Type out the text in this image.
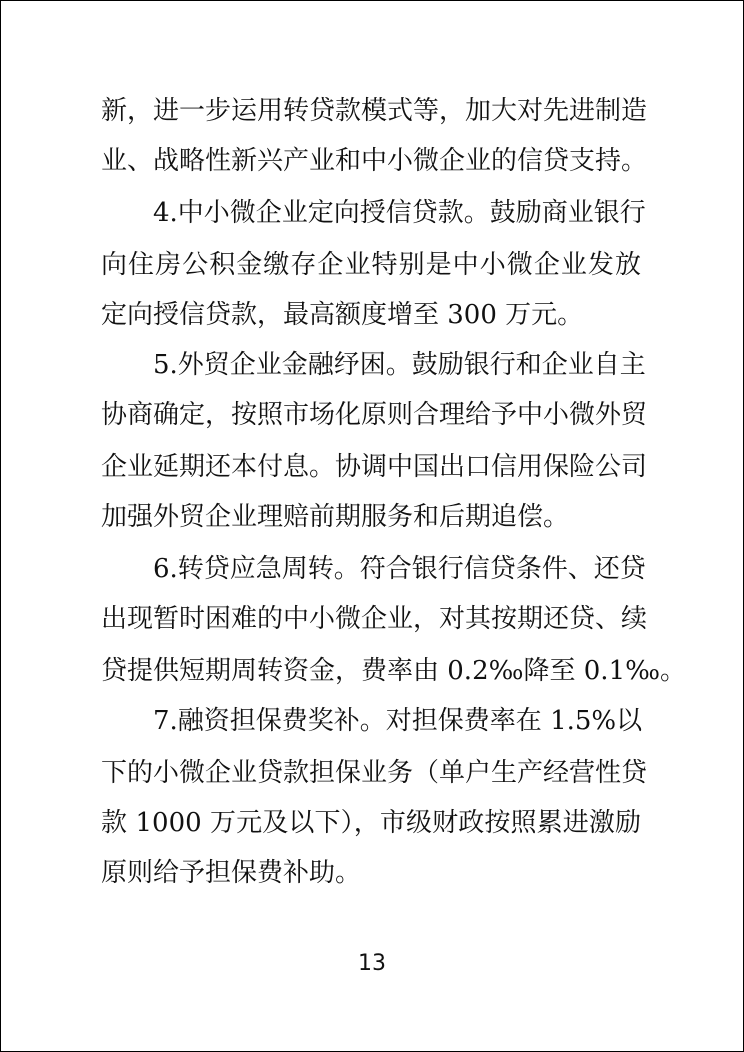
新，进一步运用转贷款模式等，加大对先进制造
业、战略性新兴产业和中小微企业的信贷支持。
4.中小微企业定向授信贷款。鼓励商业银行
向住房公积金缴存企业特别是中小微企业发放
定向授信贷款，最高额度增至 300 万元。
5.外贸企业金融纾困。鼓励银行和企业自主
协商确定，按照市场化原则合理给予中小微外贸
企业延期还本付息。协调中国出口信用保险公司
加强外贸企业理赔前期服务和后期追偿。
6.转贷应急周转。符合银行信贷条件、还贷
出现暂时困难的中小微企业，对其按期还贷、续
贷提供短期周转资金，费率由 0.2‰降至 0.1‰。
7.融资担保费奖补。对担保费率在 1.5%以
下的小微企业贷款担保业务（单户生产经营性贷
款 1000 万元及以下），市级财政按照累进激励
原则给予担保费补助。
13
